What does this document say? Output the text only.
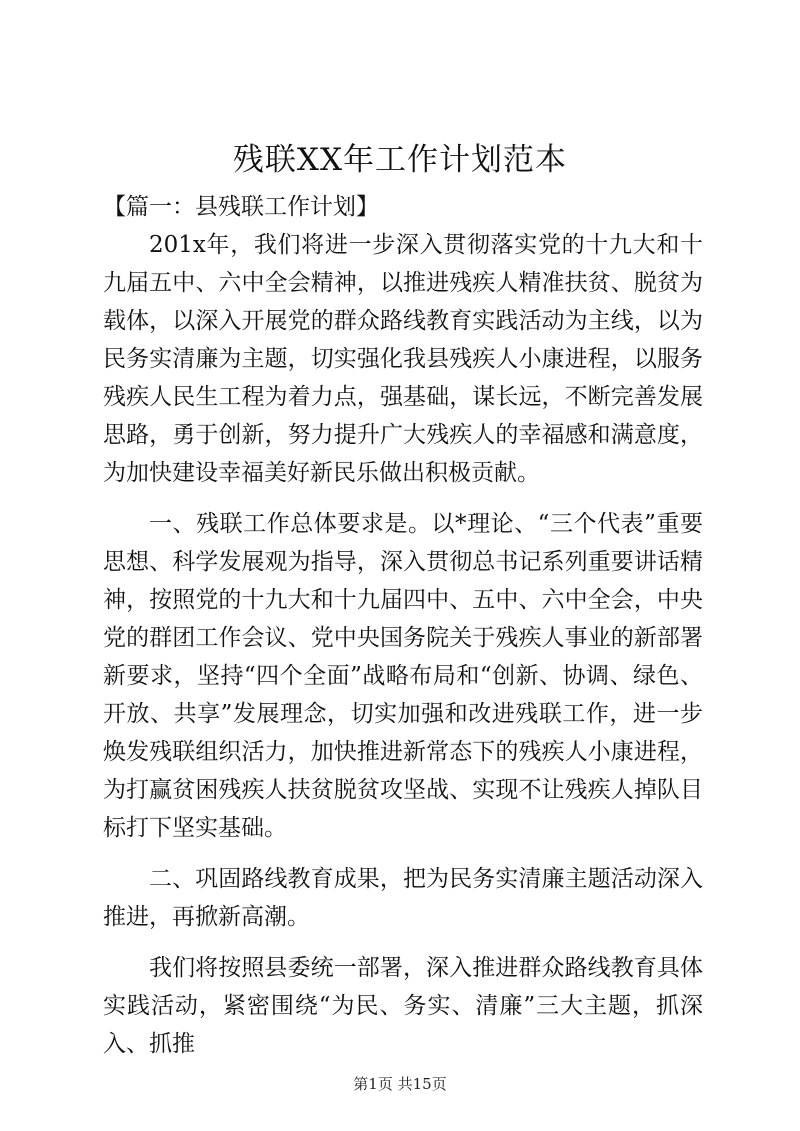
残联XX年工作计划范本

【篇一：县残联工作计划】

201x年，我们将进一步深入贯彻落实党的十九大和十九届五中、六中全会精神，以推进残疾人精准扶贫、脱贫为载体，以深入开展党的群众路线教育实践活动为主线，以为民务实清廉为主题，切实强化我县残疾人小康进程，以服务残疾人民生工程为着力点，强基础，谋长远，不断完善发展思路，勇于创新，努力提升广大残疾人的幸福感和满意度，为加快建设幸福美好新民乐做出积极贡献。

一、残联工作总体要求是。以*理论、“三个代表”重要思想、科学发展观为指导，深入贯彻总书记系列重要讲话精神，按照党的十九大和十九届四中、五中、六中全会，中央党的群团工作会议、党中央国务院关于残疾人事业的新部署新要求，坚持“四个全面”战略布局和“创新、协调、绿色、开放、共享”发展理念，切实加强和改进残联工作，进一步焕发残联组织活力，加快推进新常态下的残疾人小康进程，为打赢贫困残疾人扶贫脱贫攻坚战、实现不让残疾人掉队目标打下坚实基础。

二、巩固路线教育成果，把为民务实清廉主题活动深入推进，再掀新高潮。

我们将按照县委统一部署，深入推进群众路线教育具体实践活动，紧密围绕“为民、务实、清廉”三大主题，抓深入、抓推

第1页 共15页
